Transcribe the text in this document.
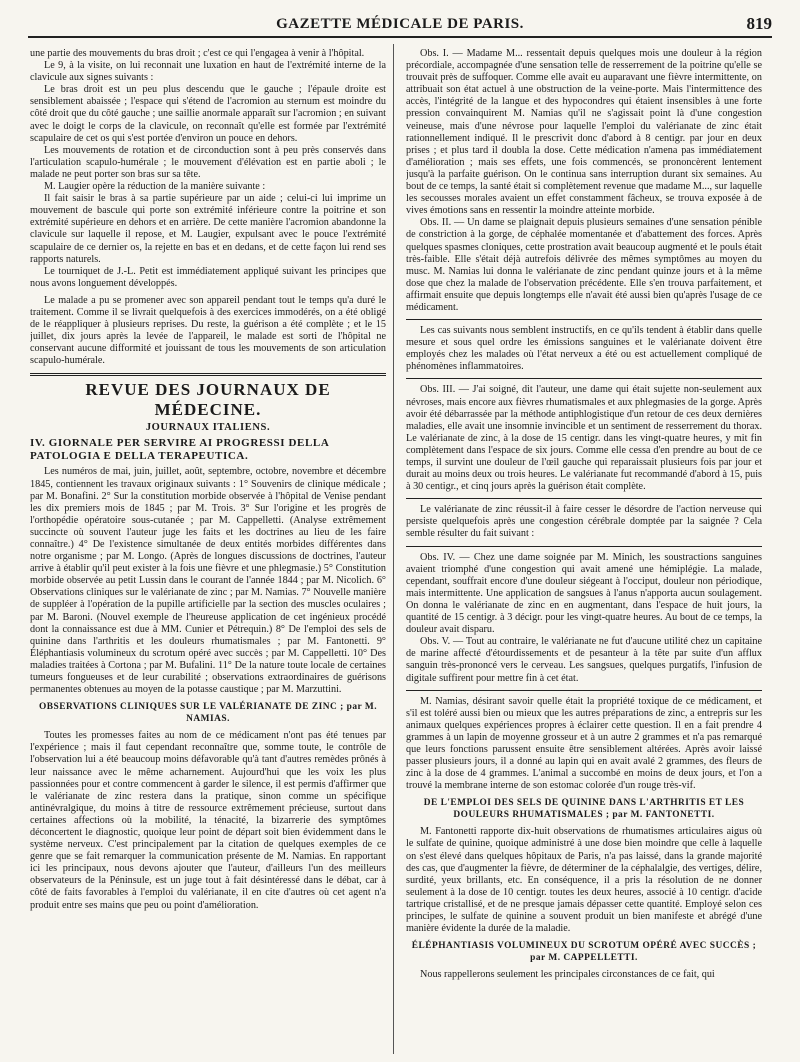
GAZETTE MÉDICALE DE PARIS.	819

une partie des mouvements du bras droit ; c'est ce qui l'engagea à venir à l'hôpital.

Le 9, à la visite, on lui reconnait une luxation en haut de l'extrémité interne de la clavicule aux signes suivants :

Le bras droit est un peu plus descendu que le gauche ; l'épaule droite est sensiblement abaissée ; l'espace qui s'étend de l'acromion au sternum est moindre du côté droit que du côté gauche ; une saillie anormale apparaît sur l'acromion ; en suivant avec le doigt le corps de la clavicule, on reconnaît qu'elle est formée par l'extrémité scapulaire de cet os qui s'est portée d'environ un pouce en dehors.

Les mouvements de rotation et de circonduction sont à peu près conservés dans l'articulation scapulo-humérale ; le mouvement d'élévation est en partie aboli ; le malade ne peut porter son bras sur sa tête.

M. Laugier opère la réduction de la manière suivante :

Il fait saisir le bras à sa partie supérieure par un aide ; celui-ci lui imprime un mouvement de bascule qui porte son extrémité inférieure contre la poitrine et son extrémité supérieure en dehors et en arrière. De cette manière l'acromion abandonne la clavicule sur laquelle il repose, et M. Laugier, expulsant avec le pouce l'extrémité scapulaire de ce dernier os, la rejette en bas et en dedans, et de cette façon lui rend ses rapports naturels.

Le tourniquet de J.-L. Petit est immédiatement appliqué suivant les principes que nous avons longuement développés.

Le malade a pu se promener avec son appareil pendant tout le temps qu'a duré le traitement. Comme il se livrait quelquefois à des exercices immodérés, on a été obligé de le réappliquer à plusieurs reprises. Du reste, la guérison a été complète ; et le 15 juillet, dix jours après la levée de l'appareil, le malade est sorti de l'hôpital ne conservant aucune difformité et jouissant de tous les mouvements de son articulation scapulo-humérale.

REVUE DES JOURNAUX DE MÉDECINE.
JOURNAUX ITALIENS.
IV. GIORNALE PER SERVIRE AI PROGRESSI DELLA PATOLOGIA E DELLA TERAPEUTICA.

Les numéros de mai, juin, juillet, août, septembre, octobre, novembre et décembre 1845, contiennent les travaux originaux suivants : 1° Souvenirs de clinique médicale ; par M. Bonafini. 2° Sur la constitution morbide observée à l'hôpital de Venise pendant les dix premiers mois de 1845 ; par M. Trois. 3° Sur l'origine et les progrès de l'orthopédie opératoire sous-cutanée ; par M. Cappelletti. (Analyse extrêmement succincte où souvent l'auteur juge les faits et les doctrines au lieu de les faire connaître.) 4° De l'existence simultanée de deux entités morbides différentes dans notre organisme ; par M. Longo. (Après de longues discussions de doctrines, l'auteur arrive à établir qu'il peut exister à la fois une fièvre et une phlegmasie.) 5° Constitution morbide observée au petit Lussin dans le courant de l'année 1844 ; par M. Nicolich. 6° Observations cliniques sur le valérianate de zinc ; par M. Namias. 7° Nouvelle manière de suppléer à l'opération de la pupille artificielle par la section des muscles oculaires ; par M. Baroni. (Nouvel exemple de l'heureuse application de cet ingénieux procédé dont la connaissance est due à MM. Cunier et Pétrequin.) 8° De l'emploi des sels de quinine dans l'arthritis et les douleurs rhumatismales ; par M. Fantonetti. 9° Éléphantiasis volumineux du scrotum opéré avec succès ; par M. Cappelletti. 10° Des maladies traitées à Cortona ; par M. Bufalini. 11° De la nature toute locale de certaines tumeurs fongueuses et de leur curabilité ; observations extraordinaires de guérisons permanentes obtenues au moyen de la potasse caustique ; par M. Marzuttini.

OBSERVATIONS CLINIQUES SUR LE VALÉRIANATE DE ZINC ; par M. NAMIAS.

Toutes les promesses faites au nom de ce médicament n'ont pas été tenues par l'expérience ; mais il faut cependant reconnaître que, somme toute, le contrôle de l'observation lui a été beaucoup moins défavorable qu'à tant d'autres remèdes prônés à leur naissance avec le même acharnement. Aujourd'hui que les voix les plus passionnées pour et contre commencent à garder le silence, il est permis d'affirmer que le valérianate de zinc restera dans la pratique, sinon comme un spécifique antinévralgique, du moins à titre de ressource extrêmement précieuse, surtout dans certaines affections où la mobilité, la ténacité, la bizarrerie des symptômes déconcertent le diagnostic, quoique leur point de départ soit bien évidemment dans le système nerveux. C'est principalement par la citation de quelques exemples de ce genre que se fait remarquer la communication présente de M. Namias. En rapportant ici les principaux, nous devons ajouter que l'auteur, d'ailleurs l'un des meilleurs observateurs de la Péninsule, est un juge tout à fait désintéressé dans le débat, car à côté de faits favorables à l'emploi du valérianate, il en cite d'autres où cet agent n'a produit entre ses mains que peu ou point d'amélioration.

Obs. I. — Madame M... ressentait depuis quelques mois une douleur à la région précordiale, accompagnée d'une sensation telle de resserrement de la poitrine qu'elle se trouvait près de suffoquer. Comme elle avait eu auparavant une fièvre intermittente, on attribuait son état actuel à une obstruction de la veine-porte. Mais l'intermittence des accès, l'intégrité de la langue et des hypocondres qui étaient insensibles à une forte pression convainquirent M. Namias qu'il ne s'agissait point là d'une congestion veineuse, mais d'une névrose pour laquelle l'emploi du valérianate de zinc était rationnellement indiqué. Il le prescrivit donc d'abord à 8 centigr. par jour en deux prises ; et plus tard il doubla la dose. Cette médication n'amena pas immédiatement d'amélioration ; mais ses effets, une fois commencés, se prononcèrent lentement jusqu'à la parfaite guérison. On le continua sans interruption durant six semaines. Au bout de ce temps, la santé était si complètement revenue que madame M..., sur laquelle les secousses morales avaient un effet constamment fâcheux, se trouva exposée à de vives émotions sans en ressentir la moindre atteinte morbide.

Obs. II. — Un dame se plaignait depuis plusieurs semaines d'une sensation pénible de constriction à la gorge, de céphalée momentanée et d'abattement des forces. Après quelques spasmes cloniques, cette prostration avait beaucoup augmenté et le pouls était très-faible. Elle s'était déjà autrefois délivrée des mêmes symptômes au moyen du musc. M. Namias lui donna le valérianate de zinc pendant quinze jours et à la même dose que chez la malade de l'observation précédente. Elle s'en trouva parfaitement, et affirmait ensuite que depuis longtemps elle n'avait été aussi bien qu'après l'usage de ce médicament.

Les cas suivants nous semblent instructifs, en ce qu'ils tendent à établir dans quelle mesure et sous quel ordre les émissions sanguines et le valérianate doivent être employés chez les malades où l'état nerveux a été ou est actuellement compliqué de phénomènes inflammatoires.

Obs. III. — J'ai soigné, dit l'auteur, une dame qui était sujette non-seulement aux névroses, mais encore aux fièvres rhumatismales et aux phlegmasies de la gorge. Après avoir été débarrassée par la méthode antiphlogistique d'un retour de ces deux dernières maladies, elle avait une insomnie invincible et un sentiment de resserrement du thorax. Le valérianate de zinc, à la dose de 15 centigr. dans les vingt-quatre heures, y mit fin complètement dans l'espace de six jours. Comme elle cessa d'en prendre au bout de ce temps, il survint une douleur de l'œil gauche qui reparaissait plusieurs fois par jour et durait au moins deux ou trois heures. Le valérianate fut recommandé d'abord à 15, puis à 30 centigr., et cinq jours après la guérison était complète.

Le valérianate de zinc réussit-il à faire cesser le désordre de l'action nerveuse qui persiste quelquefois après une congestion cérébrale domptée par la saignée ? Cela semble résulter du fait suivant :

Obs. IV. — Chez une dame soignée par M. Minich, les soustractions sanguines avaient triomphé d'une congestion qui avait amené une hémiplégie. La malade, cependant, souffrait encore d'une douleur siégeant à l'occiput, douleur non périodique, mais intermittente. Une application de sangsues à l'anus n'apporta aucun soulagement. On donna le valérianate de zinc en en augmentant, dans l'espace de huit jours, la quantité de 15 centigr. à 3 décigr. pour les vingt-quatre heures. Au bout de ce temps, la douleur avait disparu.

Obs. V. — Tout au contraire, le valérianate ne fut d'aucune utilité chez un capitaine de marine affecté d'étourdissements et de pesanteur à la tête par suite d'un afflux sanguin très-prononcé vers le cerveau. Les sangsues, quelques purgatifs, l'infusion de digitale suffirent pour mettre fin à cet état.

M. Namias, désirant savoir quelle était la propriété toxique de ce médicament, et s'il est toléré aussi bien ou mieux que les autres préparations de zinc, a entrepris sur les animaux quelques expériences propres à éclairer cette question. Il en a fait prendre 4 grammes à un lapin de moyenne grosseur et à un autre 2 grammes et n'a pas remarqué que leurs fonctions parussent ensuite être sensiblement altérées. Après avoir laissé passer plusieurs jours, il a donné au lapin qui en avait avalé 2 grammes, des fleurs de zinc à la dose de 4 grammes. L'animal a succombé en moins de deux jours, et l'on a trouvé la membrane interne de son estomac colorée d'un rouge très-vif.

DE L'EMPLOI DES SELS DE QUININE DANS L'ARTHRITIS ET LES DOULEURS RHUMATISMALES ; par M. FANTONETTI.

M. Fantonetti rapporte dix-huit observations de rhumatismes articulaires aigus où le sulfate de quinine, quoique administré à une dose bien moindre que celle à laquelle on s'est élevé dans quelques hôpitaux de Paris, n'a pas laissé, dans la grande majorité des cas, que d'augmenter la fièvre, de déterminer de la céphalalgie, des vertiges, délire, surdité, yeux brillants, etc. En conséquence, il a pris la résolution de ne donner seulement à la dose de 10 centigr. toutes les deux heures, associé à 10 centigr. d'acide tartrique cristallisé, et de ne presque jamais dépasser cette quantité. Employé selon ces principes, le sulfate de quinine a souvent produit un bien manifeste et abrégé d'une manière évidente la durée de la maladie.

ÉLÉPHANTIASIS VOLUMINEUX DU SCROTUM OPÉRÉ AVEC SUCCÈS ; par M. CAPPELLETTI.

Nous rappellerons seulement les principales circonstances de ce fait, qui
